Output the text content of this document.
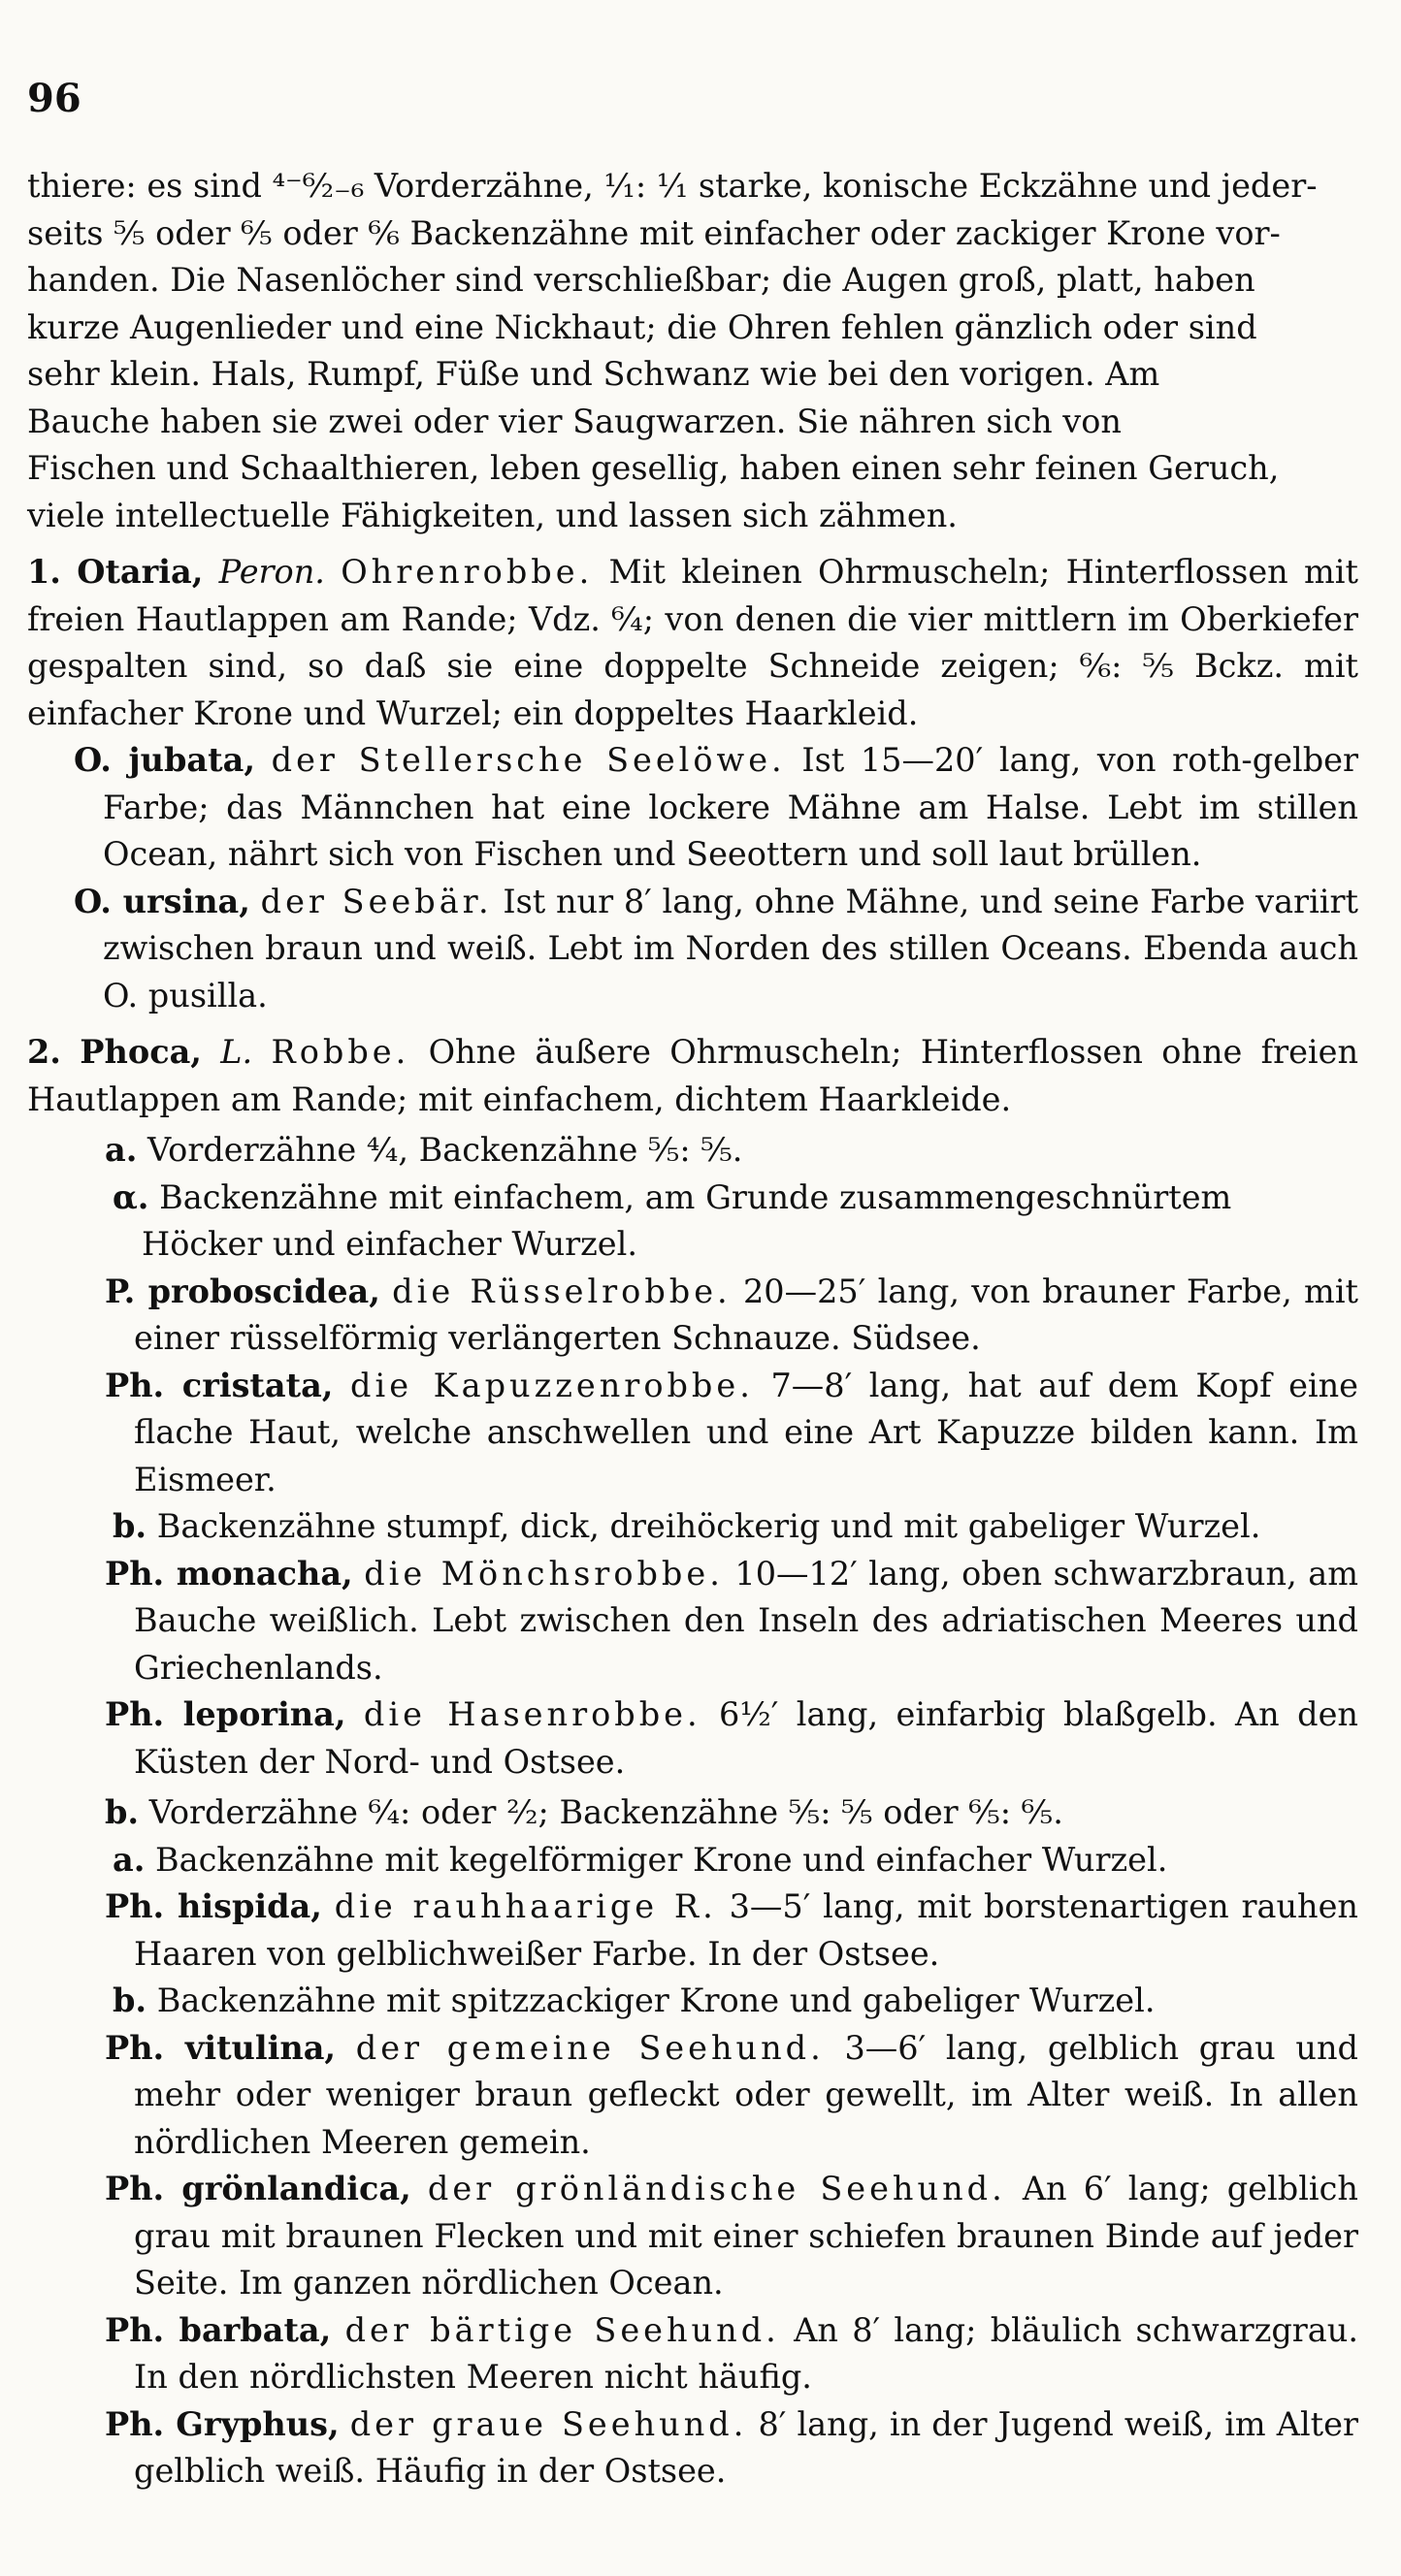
96

thiere: es sind ⁴⁻⁶⁄₂₋₆ Vorderzähne, ¹⁄₁: ¹⁄₁ starke, konische Eckzähne und jeder-

seits ⁵⁄₅ oder ⁶⁄₅ oder ⁶⁄₆ Backenzähne mit einfacher oder zackiger Krone vor-

handen. Die Nasenlöcher sind verschließbar; die Augen groß, platt, haben

kurze Augenlieder und eine Nickhaut; die Ohren fehlen gänzlich oder sind

sehr klein. Hals, Rumpf, Füße und Schwanz wie bei den vorigen. Am

Bauche haben sie zwei oder vier Saugwarzen. Sie nähren sich von

Fischen und Schaalthieren, leben gesellig, haben einen sehr feinen Geruch,

viele intellectuelle Fähigkeiten, und lassen sich zähmen.

1. Otaria, Peron. Ohrenrobbe. Mit kleinen Ohrmuscheln; Hinterflossen mit freien Hautlappen am Rande; Vdz. ⁶⁄₄; von denen die vier mittlern im Oberkiefer gespalten sind, so daß sie eine doppelte Schneide zeigen; ⁶⁄₆: ⁵⁄₅ Bckz. mit einfacher Krone und Wurzel; ein doppeltes Haarkleid.
O. jubata, der Stellersche Seelöwe. Ist 15—20′ lang, von roth-gelber Farbe; das Männchen hat eine lockere Mähne am Halse. Lebt im stillen Ocean, nährt sich von Fischen und Seeottern und soll laut brüllen.
O. ursina, der Seebär. Ist nur 8′ lang, ohne Mähne, und seine Farbe variirt zwischen braun und weiß. Lebt im Norden des stillen Oceans. Ebenda auch O. pusilla.
2. Phoca, L. Robbe. Ohne äußere Ohrmuscheln; Hinterflossen ohne freien Hautlappen am Rande; mit einfachem, dichtem Haarkleide.
a. Vorderzähne ⁴⁄₄, Backenzähne ⁵⁄₅: ⁵⁄₅.
α. Backenzähne mit einfachem, am Grunde zusammengeschnürtem Höcker und einfacher Wurzel.
P. proboscidea, die Rüsselrobbe. 20—25′ lang, von brauner Farbe, mit einer rüsselförmig verlängerten Schnauze. Südsee.
Ph. cristata, die Kapuzzenrobbe. 7—8′ lang, hat auf dem Kopf eine flache Haut, welche anschwellen und eine Art Kapuzze bilden kann. Im Eismeer.
b. Backenzähne stumpf, dick, dreihöckerig und mit gabeliger Wurzel.
Ph. monacha, die Mönchsrobbe. 10—12′ lang, oben schwarzbraun, am Bauche weißlich. Lebt zwischen den Inseln des adriatischen Meeres und Griechenlands.
Ph. leporina, die Hasenrobbe. 6½′ lang, einfarbig blaßgelb. An den Küsten der Nord- und Ostsee.
b. Vorderzähne ⁶⁄₄: oder ²⁄₂; Backenzähne ⁵⁄₅: ⁵⁄₅ oder ⁶⁄₅: ⁶⁄₅.
a. Backenzähne mit kegelförmiger Krone und einfacher Wurzel.
Ph. hispida, die rauhhaarige R. 3—5′ lang, mit borstenartigen rauhen Haaren von gelblichweißer Farbe. In der Ostsee.
b. Backenzähne mit spitzzackiger Krone und gabeliger Wurzel.
Ph. vitulina, der gemeine Seehund. 3—6′ lang, gelblich grau und mehr oder weniger braun gefleckt oder gewellt, im Alter weiß. In allen nördlichen Meeren gemein.
Ph. grönlandica, der grönländische Seehund. An 6′ lang; gelblich grau mit braunen Flecken und mit einer schiefen braunen Binde auf jeder Seite. Im ganzen nördlichen Ocean.
Ph. barbata, der bärtige Seehund. An 8′ lang; bläulich schwarzgrau. In den nördlichsten Meeren nicht häufig.
Ph. Gryphus, der graue Seehund. 8′ lang, in der Jugend weiß, im Alter gelblich weiß. Häufig in der Ostsee.
